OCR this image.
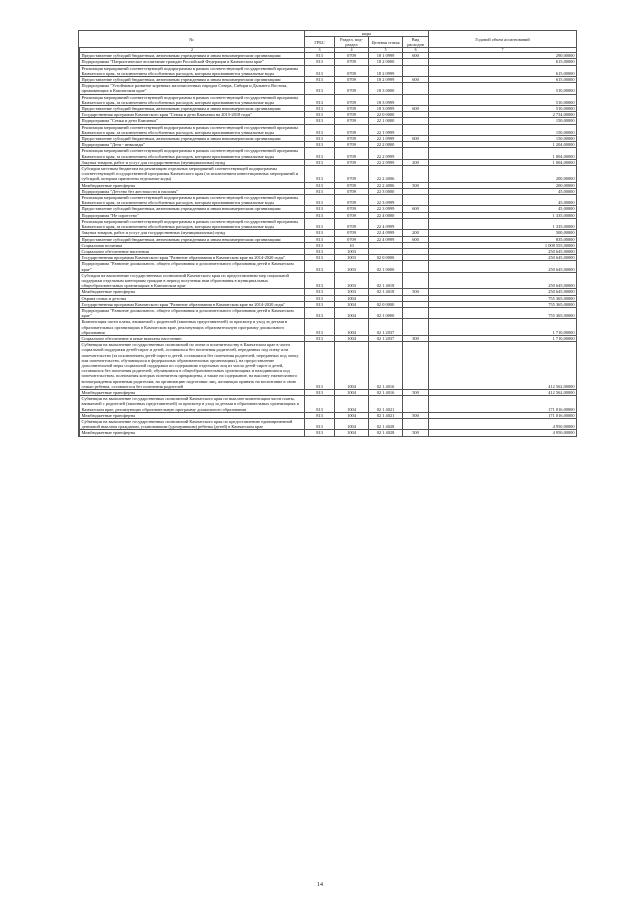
№	коды				Годовой объем ассигнований
	ГРБС	Раздел, под-раздел	Целевая статья	Вид расходов	
	2	3	4	5	6	7
	Предоставление субсидий бюджетным, автономным учреждениям и иным некоммерческим организациям	813	0709	18 1 0999	600	290,00000
	Подпрограмма "Патриотическое воспитание граждан Российской Федерации в Камчатском крае"	813	0709	18 2 0000		615,00000
	Реализация мероприятий соответствующей подпрограммы в рамках соответствующей государственной программы Камчатского края, за исключением обособленных расходов, которым присваиваются уникальные коды	813	0709	18 2 0999		615,00000
	Предоставление субсидий бюджетным, автономным учреждениям и иным некоммерческим организациям	813	0709	18 2 0999	600	615,00000
	Подпрограмма "Устойчивое развитие коренных малочисленных народов Севера, Сибири и Дальнего Востока, проживающих в Камчатском крае"	813	0709	18 3 0000		510,00000
	Реализация мероприятий соответствующей подпрограммы в рамках соответствующей государственной программы Камчатского края, за исключением обособленных расходов, которым присваиваются уникальные коды	813	0709	18 3 0999		510,00000
	Предоставление субсидий бюджетным, автономным учреждениям и иным некоммерческим организациям	813	0709	18 3 0999	600	510,00000
	Государственная программа Камчатского края "Семья и дети Камчатки на 2015-2018 годы"	813	0709	22 0 0000		2 734,00000
	Подпрограмма "Семья и дети Камчатки"	813	0709	22 1 0000		150,00000
	Реализация мероприятий соответствующей подпрограммы в рамках соответствующей государственной программы Камчатского края, за исключением обособленных расходов, которым присваиваются уникальные коды	813	0709	22 1 0999		150,00000
	Предоставление субсидий бюджетным, автономным учреждениям и иным некоммерческим организациям	813	0709	22 1 0999	600	150,00000
	Подпрограмма "Дети - инвалиды"	813	0709	22 2 0000		1 204,00000
	Реализация мероприятий соответствующей подпрограммы в рамках соответствующей государственной программы Камчатского края, за исключением обособленных расходов, которым присваиваются уникальные коды	813	0709	22 2 0999		1 004,00000
	Закупка товаров, работ и услуг для государственных (муниципальных) нужд	813	0709	22 2 0999	200	1 004,00000
	Субсидии местным бюджетам на реализацию отдельных мероприятий соответствующей подпрограммы соответствующей государственной программы Камчатского края (за исключением инвестиционных мероприятий и субсидий, которым присвоены отдельные коды)	813	0709	22 2 4006		200,00000
	Межбюджетные трансферты	813	0709	22 2 4006	500	200,00000
	Подпрограмма "Детство без жестокости и насилия"	813	0709	22 3 0000		45,00000
	Реализация мероприятий соответствующей подпрограммы в рамках соответствующей государственной программы Камчатского края, за исключением обособленных расходов, которым присваиваются уникальные коды	813	0709	22 3 0999		45,00000
	Предоставление субсидий бюджетным, автономным учреждениям и иным некоммерческим организациям	813	0709	22 3 0999	600	45,00000
	Подпрограмма "Не сиротство"	813	0709	22 4 0000		1 335,00000
	Реализация мероприятий соответствующей подпрограммы в рамках соответствующей государственной программы Камчатского края, за исключением обособленных расходов, которым присваиваются уникальные коды	813	0709	22 4 0999		1 335,00000
	Закупка товаров, работ и услуг для государственных (муниципальных) нужд	813	0709	22 4 0999	200	500,00000
	Предоставление субсидий бюджетным, автономным учреждениям и иным некоммерческим организациям	813	0709	22 4 0999	600	835,00000
	Социальная политика	813	10			1 008 555,00000
	Социальное обеспечение населения	813	1003			250 645,00000
	Государственная программа Камчатского края "Развитие образования в Камчатском крае на 2014-2020 годы"	813	1003	02 0 0000		250 645,00000
	Подпрограмма "Развитие дошкольного, общего образования и дополнительного образования детей в Камчатском крае"	813	1003	02 1 0000		250 645,00000
	Субсидии на выполнение государственных полномочий Камчатского края по предоставлению мер социальной поддержки отдельным категориям граждан в период получения ими образования в муниципальных общеобразовательных организациях в Камчатском крае	813	1003	02 1 4018		250 645,00000
	Межбюджетные трансферты	813	1003	02 1 4018	500	250 645,00000
	Охрана семьи и детства	813	1004			755 365,00000
	Государственная программа Камчатского края "Развитие образования в Камчатском крае на 2014-2020 годы"	813	1004	02 0 0000		755 365,00000
	Подпрограмма "Развитие дошкольного, общего образования и дополнительного образования детей в Камчатском крае"	813	1004	02 1 0000		755 365,00000
	Компенсация части платы, взимаемой с родителей (законных представителей) за присмотр и уход за детьми в образовательных организациях в Камчатском крае, реализующих образовательную программу дошкольного образования	813	1004	02 1 2037		1 710,00000
	Социальное обеспечение и иные выплаты населению	813	1004	02 1 2037	300	1 710,00000
	Субвенции на выполнение государственных полномочий по опеке и попечительству в Камчатском крае в части социальной поддержки детей-сирот и детей, оставшихся без попечения родителей, переданных под опеку или попечительство (за исключением детей-сирот и детей, оставшихся без попечения родителей, переданных под опеку или попечительство, обучающихся в федеральных образовательных организациях), на предоставление дополнительной меры социальной поддержки по содержанию отдельных лиц из числа детей-сирот и детей, оставшихся без попечения родителей, обучавшихся в общеобразовательных организациях и находившихся под попечительством, полномочия которых попечителя прекращены, а также на содержание, на выплату ежемесячного вознаграждения приемным родителям, на организацию подготовки лиц, желающих принять на воспитание в свою семью ребенка, оставшегося без попечения родителей	813	1004	02 1 4016		412 562,00000
	Межбюджетные трансферты	813	1004	02 1 4016	500	412 562,00000
	Субвенции на выполнение государственных полномочий Камчатского края по выплате компенсации части платы, взимаемой с родителей (законных представителей) за присмотр и уход за детьми в образовательных организациях в Камчатском крае, реализующих образовательную программу дошкольного образования	813	1004	02 1 4021		171 016,00000
	Межбюджетные трансферты	813	1004	02 1 4021	500	171 016,00000
	Субвенции на выполнение государственных полномочий Камчатского края по предоставлению единовременной денежной выплаты гражданам, усыновившим (удочерившим) ребенка (детей) в Камчатском крае	813	1004	02 1 4028		4 950,00000
	Межбюджетные трансферты	813	1004	02 1 4028	500	4 950,00000
14
